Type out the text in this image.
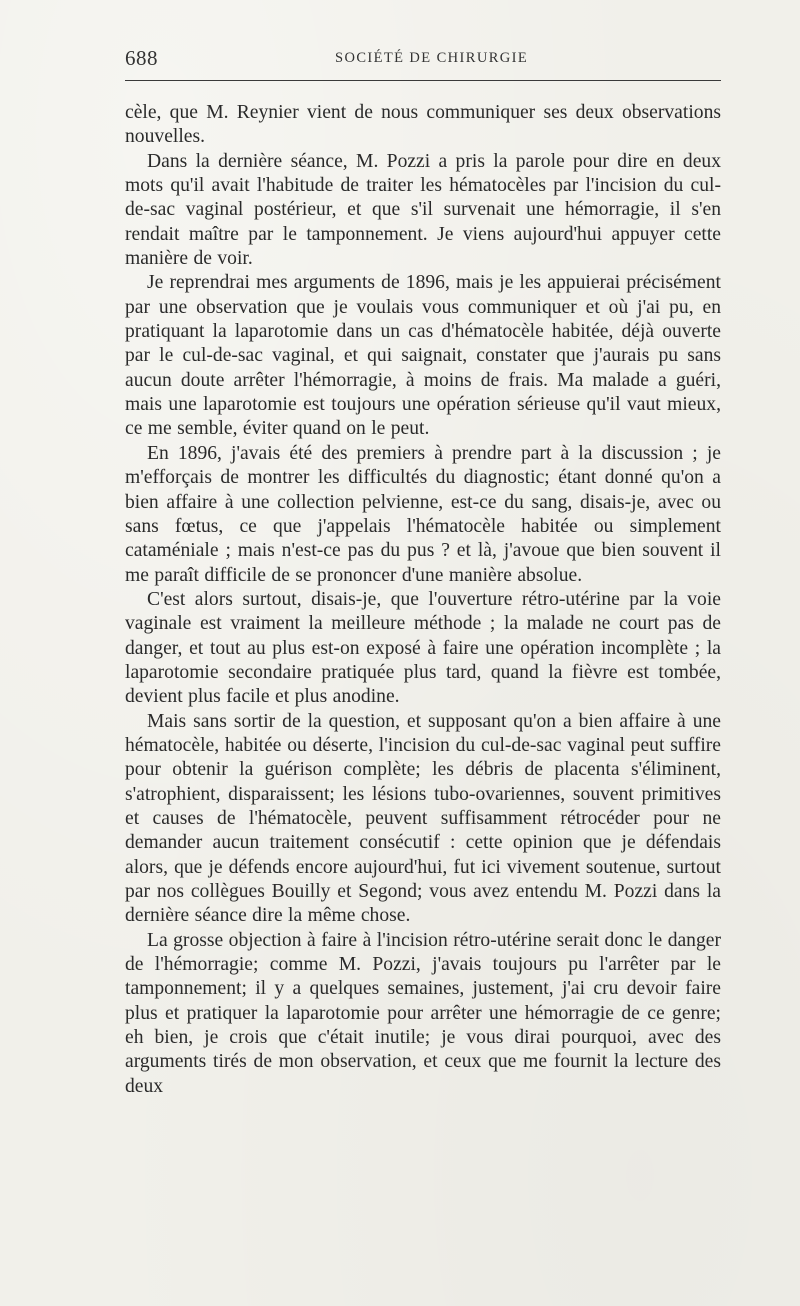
688	SOCIÉTÉ DE CHIRURGIE

cèle, que M. Reynier vient de nous communiquer ses deux observations nouvelles.

Dans la dernière séance, M. Pozzi a pris la parole pour dire en deux mots qu'il avait l'habitude de traiter les hématocèles par l'incision du cul-de-sac vaginal postérieur, et que s'il survenait une hémorragie, il s'en rendait maître par le tamponnement. Je viens aujourd'hui appuyer cette manière de voir.

Je reprendrai mes arguments de 1896, mais je les appuierai précisément par une observation que je voulais vous communiquer et où j'ai pu, en pratiquant la laparotomie dans un cas d'hématocèle habitée, déjà ouverte par le cul-de-sac vaginal, et qui saignait, constater que j'aurais pu sans aucun doute arrêter l'hémorragie, à moins de frais. Ma malade a guéri, mais une laparotomie est toujours une opération sérieuse qu'il vaut mieux, ce me semble, éviter quand on le peut.

En 1896, j'avais été des premiers à prendre part à la discussion ; je m'efforçais de montrer les difficultés du diagnostic; étant donné qu'on a bien affaire à une collection pelvienne, est-ce du sang, disais-je, avec ou sans fœtus, ce que j'appelais l'hématocèle habitée ou simplement cataméniale ; mais n'est-ce pas du pus ? et là, j'avoue que bien souvent il me paraît difficile de se prononcer d'une manière absolue.

C'est alors surtout, disais-je, que l'ouverture rétro-utérine par la voie vaginale est vraiment la meilleure méthode ; la malade ne court pas de danger, et tout au plus est-on exposé à faire une opération incomplète ; la laparotomie secondaire pratiquée plus tard, quand la fièvre est tombée, devient plus facile et plus anodine.

Mais sans sortir de la question, et supposant qu'on a bien affaire à une hématocèle, habitée ou déserte, l'incision du cul-de-sac vaginal peut suffire pour obtenir la guérison complète; les débris de placenta s'éliminent, s'atrophient, disparaissent; les lésions tubo-ovariennes, souvent primitives et causes de l'hématocèle, peuvent suffisamment rétrocéder pour ne demander aucun traitement consécutif : cette opinion que je défendais alors, que je défends encore aujourd'hui, fut ici vivement soutenue, surtout par nos collègues Bouilly et Segond; vous avez entendu M. Pozzi dans la dernière séance dire la même chose.

La grosse objection à faire à l'incision rétro-utérine serait donc le danger de l'hémorragie; comme M. Pozzi, j'avais toujours pu l'arrêter par le tamponnement; il y a quelques semaines, justement, j'ai cru devoir faire plus et pratiquer la laparotomie pour arrêter une hémorragie de ce genre; eh bien, je crois que c'était inutile; je vous dirai pourquoi, avec des arguments tirés de mon observation, et ceux que me fournit la lecture des deux
